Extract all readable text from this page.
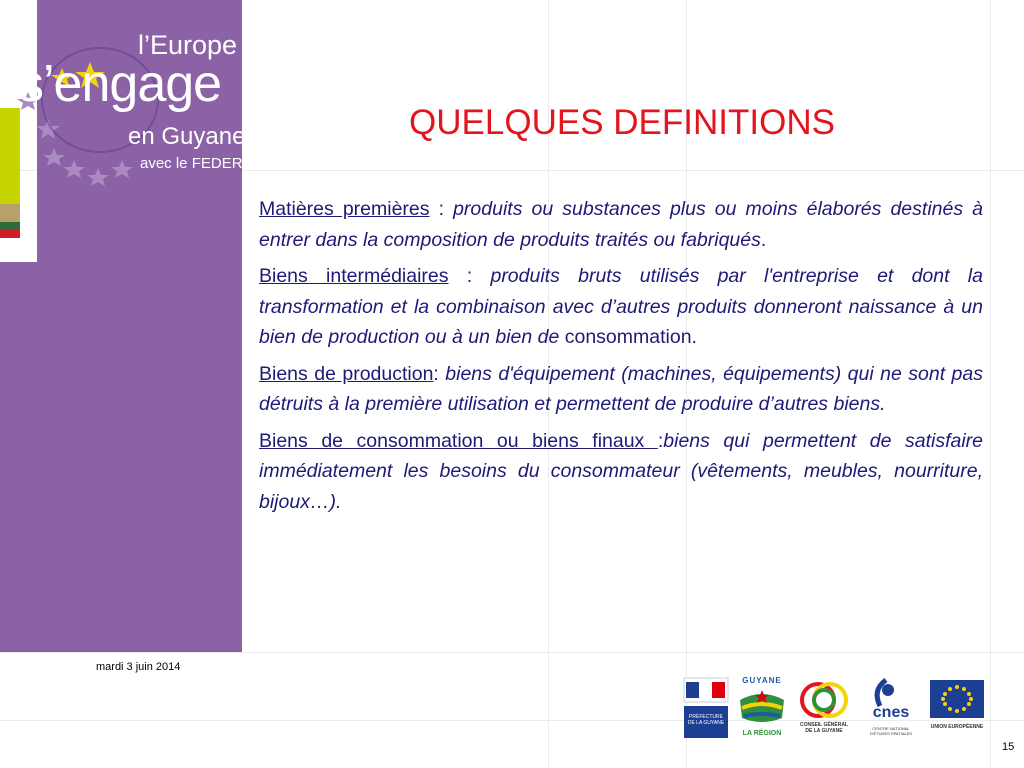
l’Europe
s’engage
en Guyane
avec le FEDER
QUELQUES DEFINITIONS

Matières premières : produits ou substances plus ou moins élaborés destinés à entrer dans la composition de produits traités ou fabriqués.

Biens intermédiaires : produits bruts utilisés par l'entreprise et dont la transformation et la combinaison avec d’autres produits donneront naissance à un bien de production ou à un bien de consommation.

Biens de production: biens d'équipement (machines, équipements) qui ne sont pas détruits à la première utilisation et permettent de produire d’autres biens.

Biens de consommation ou biens finaux :biens qui permettent de satisfaire immédiatement les besoins du consommateur (vêtements, meubles, nourriture, bijoux…).

mardi 3 juin 2014
15
PRÉFECTURE DE LA GUYANE
GUYANE
LA RÉGION
CONSEIL GÉNÉRAL DE LA GUYANE
cnes
CENTRE NATIONAL D'ÉTUDES SPATIALES
UNION EUROPÉENNE
